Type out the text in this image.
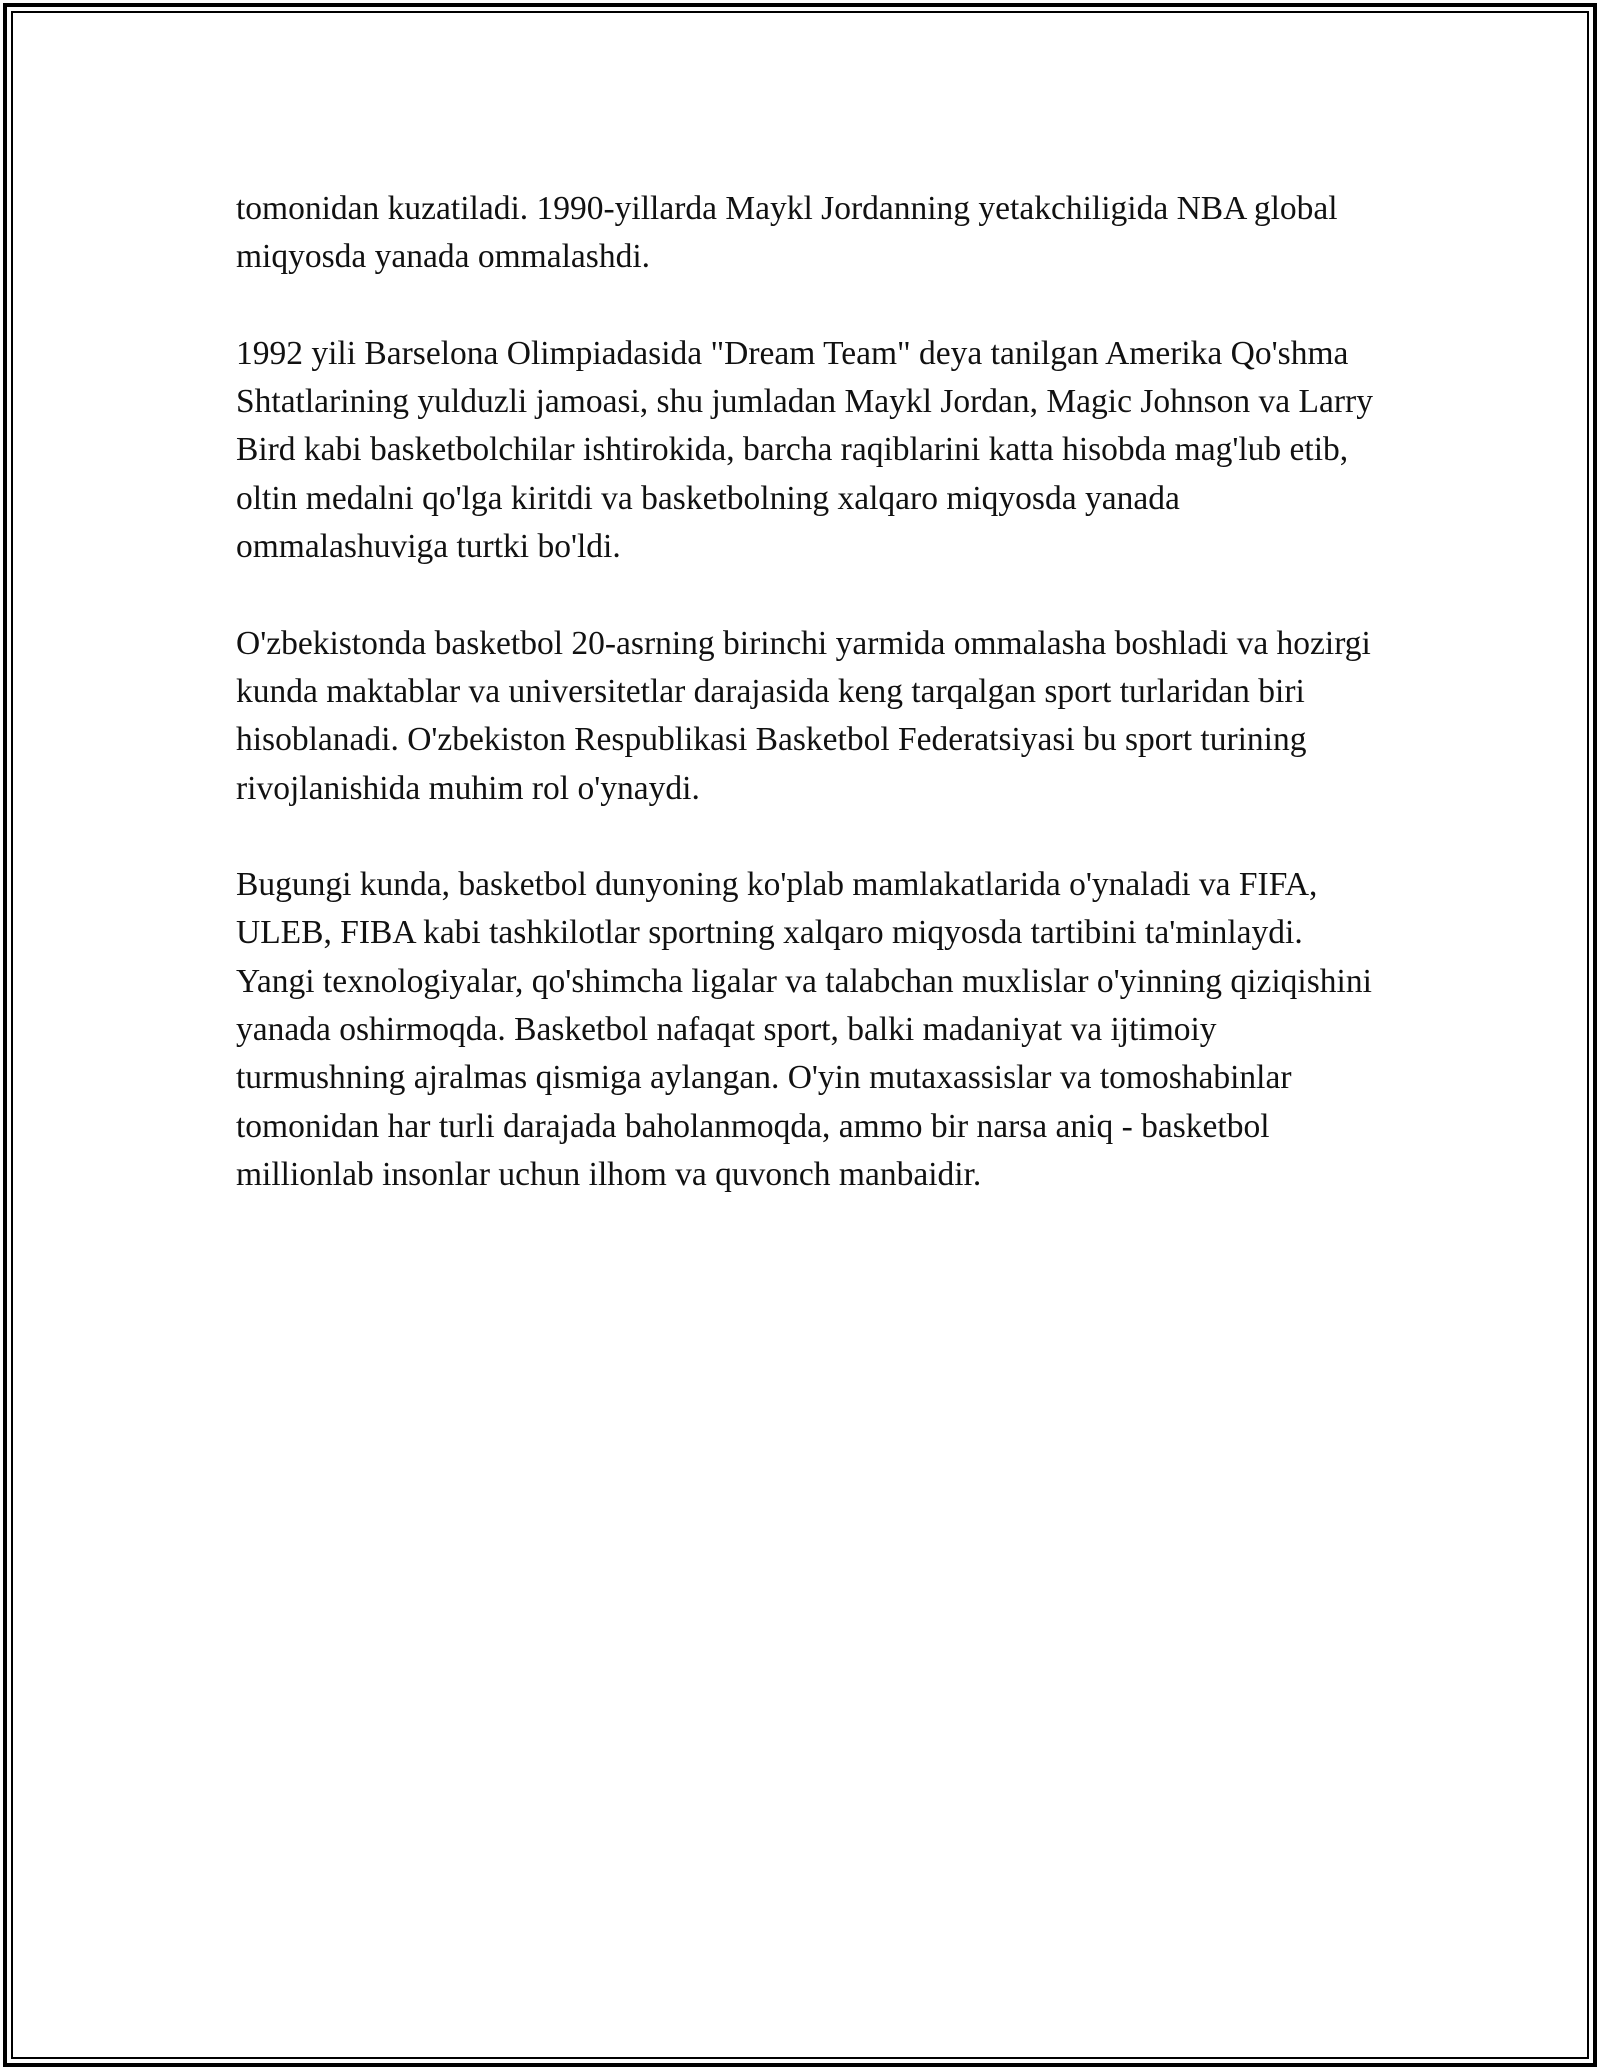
tomonidan kuzatiladi. 1990-yillarda Maykl Jordanning yetakchiligida NBA global miqyosda yanada ommalashdi.

1992 yili Barselona Olimpiadasida "Dream Team" deya tanilgan Amerika Qo'shma Shtatlarining yulduzli jamoasi, shu jumladan Maykl Jordan, Magic Johnson va Larry Bird kabi basketbolchilar ishtirokida, barcha raqiblarini katta hisobda mag'lub etib, oltin medalni qo'lga kiritdi va basketbolning xalqaro miqyosda yanada ommalashuviga turtki bo'ldi.

O'zbekistonda basketbol 20-asrning birinchi yarmida ommalasha boshladi va hozirgi kunda maktablar va universitetlar darajasida keng tarqalgan sport turlaridan biri hisoblanadi. O'zbekiston Respublikasi Basketbol Federatsiyasi bu sport turining rivojlanishida muhim rol o'ynaydi.

Bugungi kunda, basketbol dunyoning ko'plab mamlakatlarida o'ynaladi va FIFA, ULEB, FIBA kabi tashkilotlar sportning xalqaro miqyosda tartibini ta'minlaydi. Yangi texnologiyalar, qo'shimcha ligalar va talabchan muxlislar o'yinning qiziqishini yanada oshirmoqda. Basketbol nafaqat sport, balki madaniyat va ijtimoiy turmushning ajralmas qismiga aylangan. O'yin mutaxassislar va tomoshabinlar tomonidan har turli darajada baholanmoqda, ammo bir narsa aniq - basketbol millionlab insonlar uchun ilhom va quvonch manbaidir.
